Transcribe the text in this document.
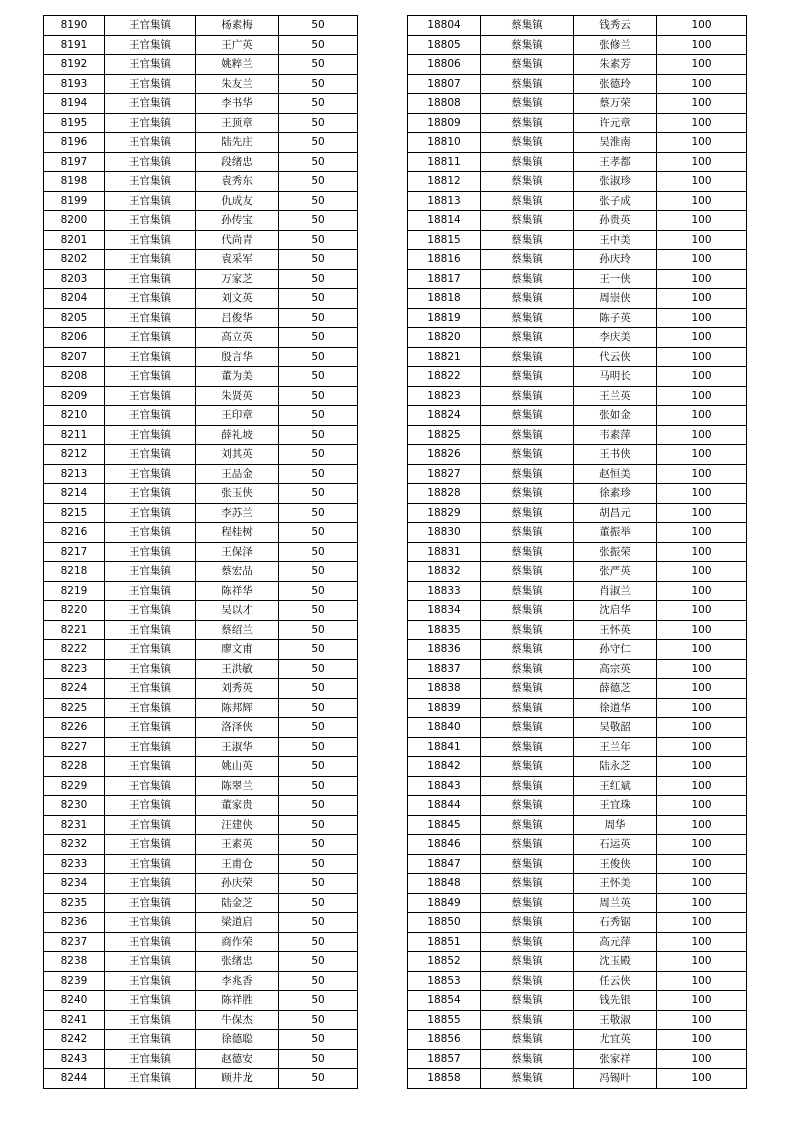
8190	王官集镇	杨素梅	50
8191	王官集镇	王广英	50
8192	王官集镇	姚粹兰	50
8193	王官集镇	朱友兰	50
8194	王官集镇	李书华	50
8195	王官集镇	王顶章	50
8196	王官集镇	陆先庄	50
8197	王官集镇	段绪忠	50
8198	王官集镇	袁秀东	50
8199	王官集镇	仇成友	50
8200	王官集镇	孙传宝	50
8201	王官集镇	代尚青	50
8202	王官集镇	袁采军	50
8203	王官集镇	万家芝	50
8204	王官集镇	刘文英	50
8205	王官集镇	吕俊华	50
8206	王官集镇	高立英	50
8207	王官集镇	殷言华	50
8208	王官集镇	董为美	50
8209	王官集镇	朱贤英	50
8210	王官集镇	王印章	50
8211	王官集镇	薛礼坡	50
8212	王官集镇	刘其英	50
8213	王官集镇	王品金	50
8214	王官集镇	张玉侠	50
8215	王官集镇	李苏兰	50
8216	王官集镇	程桂树	50
8217	王官集镇	王保泽	50
8218	王官集镇	蔡宏品	50
8219	王官集镇	陈祥华	50
8220	王官集镇	吴以才	50
8221	王官集镇	蔡绍兰	50
8222	王官集镇	廖文甫	50
8223	王官集镇	王洪敏	50
8224	王官集镇	刘秀英	50
8225	王官集镇	陈邦辉	50
8226	王官集镇	洛泽侠	50
8227	王官集镇	王淑华	50
8228	王官集镇	姚山英	50
8229	王官集镇	陈翠兰	50
8230	王官集镇	董家贵	50
8231	王官集镇	汪建侠	50
8232	王官集镇	王素英	50
8233	王官集镇	王甫仓	50
8234	王官集镇	孙庆荣	50
8235	王官集镇	陆金芝	50
8236	王官集镇	梁道启	50
8237	王官集镇	商作荣	50
8238	王官集镇	张绪忠	50
8239	王官集镇	李兆香	50
8240	王官集镇	陈祥胜	50
8241	王官集镇	牛保杰	50
8242	王官集镇	徐德聪	50
8243	王官集镇	赵德安	50
8244	王官集镇	顾井龙	50
18804	蔡集镇	钱秀云	100
18805	蔡集镇	张修兰	100
18806	蔡集镇	朱素芳	100
18807	蔡集镇	张德玲	100
18808	蔡集镇	蔡万荣	100
18809	蔡集镇	许元章	100
18810	蔡集镇	吴淮南	100
18811	蔡集镇	王孝都	100
18812	蔡集镇	张淑珍	100
18813	蔡集镇	张子成	100
18814	蔡集镇	孙贵英	100
18815	蔡集镇	王中美	100
18816	蔡集镇	孙庆玲	100
18817	蔡集镇	王一侠	100
18818	蔡集镇	周崇侠	100
18819	蔡集镇	陈子英	100
18820	蔡集镇	李庆美	100
18821	蔡集镇	代云侠	100
18822	蔡集镇	马明长	100
18823	蔡集镇	王兰英	100
18824	蔡集镇	张如金	100
18825	蔡集镇	韦素萍	100
18826	蔡集镇	王书侠	100
18827	蔡集镇	赵恒美	100
18828	蔡集镇	徐素珍	100
18829	蔡集镇	胡昌元	100
18830	蔡集镇	董振举	100
18831	蔡集镇	张振荣	100
18832	蔡集镇	张严英	100
18833	蔡集镇	肖淑兰	100
18834	蔡集镇	沈启华	100
18835	蔡集镇	王怀英	100
18836	蔡集镇	孙守仁	100
18837	蔡集镇	高宗英	100
18838	蔡集镇	薛德芝	100
18839	蔡集镇	徐道华	100
18840	蔡集镇	吴敬韶	100
18841	蔡集镇	王兰年	100
18842	蔡集镇	陆永芝	100
18843	蔡集镇	王红斌	100
18844	蔡集镇	王宜珠	100
18845	蔡集镇	周华	100
18846	蔡集镇	石运英	100
18847	蔡集镇	王俊侠	100
18848	蔡集镇	王怀美	100
18849	蔡集镇	周兰英	100
18850	蔡集镇	石秀锯	100
18851	蔡集镇	高元萍	100
18852	蔡集镇	沈玉殿	100
18853	蔡集镇	任云侠	100
18854	蔡集镇	钱先银	100
18855	蔡集镇	王敬淑	100
18856	蔡集镇	尤宜英	100
18857	蔡集镇	张家祥	100
18858	蔡集镇	冯锡叶	100
